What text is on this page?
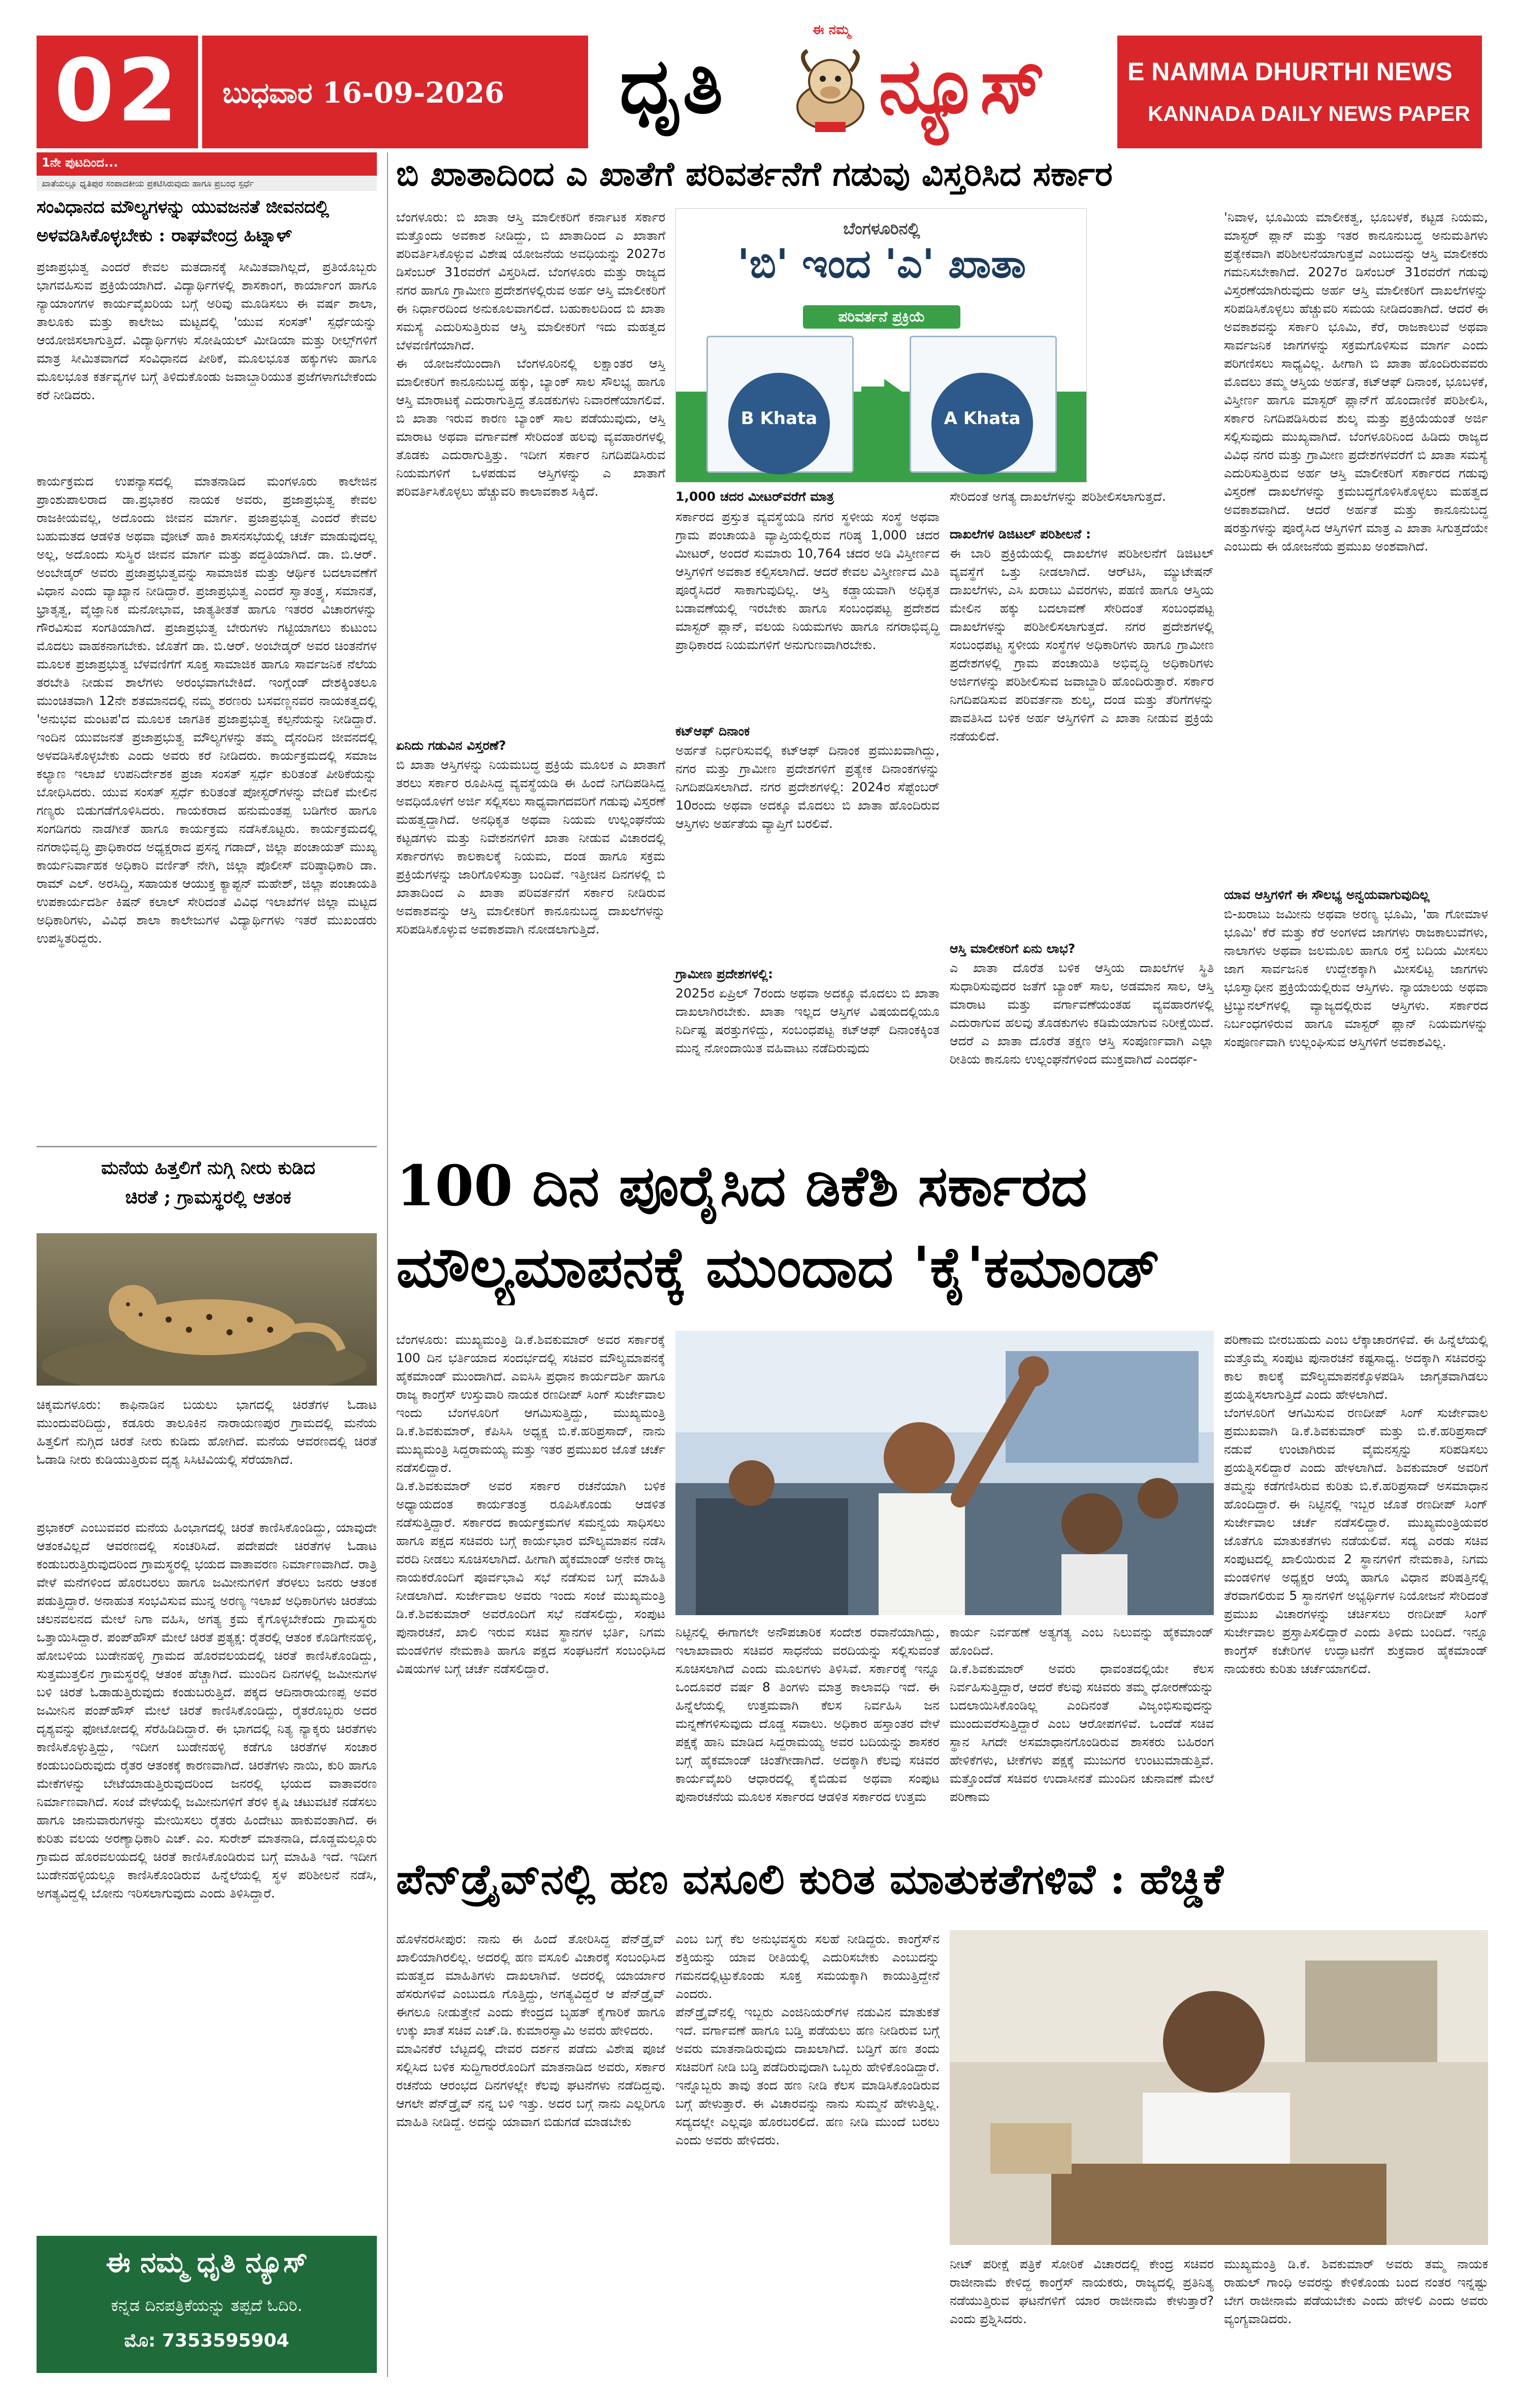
02	ಬುಧವಾರ 16-09-2026
ಈ ನಮ್ಮ
ಧೃತಿ ನ್ಯೂಸ್	E NAMMA DHURTHI NEWS
KANNADA DAILY NEWS PAPER
1ನೇ ಪುಟದಿಂದ...
ಖಾತೆಯಲ್ಲೂ ಧೃತಿಪುರ ಸಂಪಾದಕೀಯ ಪ್ರಕಟಿಸಿರುವುದು ಹಾಗೂ ಪ್ರಬಂಧ ಸ್ಪರ್ಧೆ
ಸಂವಿಧಾನದ ಮೌಲ್ಯಗಳನ್ನು ಯುವಜನತೆ ಜೀವನದಲ್ಲಿ
ಅಳವಡಿಸಿಕೊಳ್ಳಬೇಕು : ರಾಘವೇಂದ್ರ ಹಿಟ್ನಾಳ್
ಪ್ರಜಾಪ್ರಭುತ್ವ ಎಂದರೆ ಕೇವಲ ಮತದಾನಕ್ಕೆ ಸೀಮಿತವಾಗಿಲ್ಲದೆ, ಪ್ರತಿಯೊಬ್ಬರು ಭಾಗವಹಿಸುವ ಪ್ರಕ್ರಿಯೆಯಾಗಿದೆ. ವಿದ್ಯಾರ್ಥಿಗಳಲ್ಲಿ ಶಾಸಕಾಂಗ, ಕಾರ್ಯಾಂಗ ಹಾಗೂ ನ್ಯಾಯಾಂಗಗಳ ಕಾರ್ಯವೈಖರಿಯ ಬಗ್ಗೆ ಅರಿವು ಮೂಡಿಸಲು ಈ ವರ್ಷ ಶಾಲಾ, ತಾಲೂಕು ಮತ್ತು ಕಾಲೇಜು ಮಟ್ಟದಲ್ಲಿ 'ಯುವ ಸಂಸತ್' ಸ್ಪರ್ಧೆಯನ್ನು ಆಯೋಜಿಸಲಾಗುತ್ತಿದೆ. ವಿದ್ಯಾರ್ಥಿಗಳು ಸೋಷಿಯಲ್ ಮೀಡಿಯಾ ಮತ್ತು ರೀಲ್ಸ್‌ಗಳಿಗೆ ಮಾತ್ರ ಸೀಮಿತವಾಗದೆ ಸಂವಿಧಾನದ ಪೀಠಿಕೆ, ಮೂಲಭೂತ ಹಕ್ಕುಗಳು ಹಾಗೂ ಮೂಲಭೂತ ಕರ್ತವ್ಯಗಳ ಬಗ್ಗೆ ತಿಳಿದುಕೊಂಡು ಜವಾಬ್ದಾರಿಯುತ ಪ್ರಜೆಗಳಾಗಬೇಕೆಂದು ಕರೆ ನೀಡಿದರು.
ಕಾರ್ಯಕ್ರಮದ ಉಪನ್ಯಾಸದಲ್ಲಿ ಮಾತನಾಡಿದ ಮಂಗಳೂರು ಕಾಲೇಜಿನ ಪ್ರಾಂಶುಪಾಲರಾದ ಡಾ.ಪ್ರಭಾಕರ ನಾಯಕ ಅವರು, ಪ್ರಜಾಪ್ರಭುತ್ವ ಕೇವಲ ರಾಜಕೀಯವಲ್ಲ, ಅದೊಂದು ಜೀವನ ಮಾರ್ಗ. ಪ್ರಜಾಪ್ರಭುತ್ವ ಎಂದರೆ ಕೇವಲ ಬಹುಮತದ ಆಡಳಿತ ಅಥವಾ ವೋಟ್ ಹಾಕಿ ಶಾಸನಸಭೆಯಲ್ಲಿ ಚರ್ಚೆ ಮಾಡುವುದಲ್ಲ ಅಲ್ಲ, ಅದೊಂದು ಸುಸ್ಥಿರ ಜೀವನ ಮಾರ್ಗ ಮತ್ತು ಪದ್ಧತಿಯಾಗಿದೆ. ಡಾ. ಬಿ.ಆರ್. ಅಂಬೇಡ್ಕರ್ ಅವರು ಪ್ರಜಾಪ್ರಭುತ್ವವನ್ನು ಸಾಮಾಜಿಕ ಮತ್ತು ಆರ್ಥಿಕ ಬದಲಾವಣೆಗೆ ವಿಧಾನ ಎಂದು ವ್ಯಾಖ್ಯಾನ ನೀಡಿದ್ದಾರೆ. ಪ್ರಜಾಪ್ರಭುತ್ವ ಎಂದರೆ ಸ್ವಾತಂತ್ರ್ಯ, ಸಮಾನತೆ, ಭ್ರಾತೃತ್ವ, ವೈಜ್ಞಾನಿಕ ಮನೋಭಾವ, ಜಾತ್ಯತೀತತೆ ಹಾಗೂ ಇತರರ ವಿಚಾರಗಳನ್ನು ಗೌರವಿಸುವ ಸಂಗತಿಯಾಗಿದೆ. ಪ್ರಜಾಪ್ರಭುತ್ವ ಬೇರುಗಳು ಗಟ್ಟಿಯಾಗಲು ಕುಟುಂಬ ಮೊದಲು ವಾಹಕನಾಗಬೇಕು. ಜೊತೆಗೆ ಡಾ. ಬಿ.ಆರ್. ಅಂಬೇಡ್ಕರ್ ಅವರ ಚಿಂತನೆಗಳ ಮೂಲಕ ಪ್ರಜಾಪ್ರಭುತ್ವ ಬೆಳವಣಿಗೆಗೆ ಸೂಕ್ತ ಸಾಮಾಜಿಕ ಹಾಗೂ ಸಾರ್ವಜನಿಕ ನೆಲೆಯ ತರಬೇತಿ ನೀಡುವ ಶಾಲೆಗಳು ಅರಂಭವಾಗಬೇಕಿದೆ. ಇಂಗ್ಲೆಂಡ್ ದೇಶಕ್ಕಿಂತಲೂ ಮುಂಚಿತವಾಗಿ 12ನೇ ಶತಮಾನದಲ್ಲಿ ನಮ್ಮ ಶರಣರು ಬಸವಣ್ಣನವರ ನಾಯಕತ್ವದಲ್ಲಿ 'ಅನುಭವ ಮಂಟಪ'ದ ಮೂಲಕ ಜಾಗತಿಕ ಪ್ರಜಾಪ್ರಭುತ್ವ ಕಲ್ಪನೆಯನ್ನು ನೀಡಿದ್ದಾರೆ. ಇಂದಿನ ಯುವಜನತೆ ಪ್ರಜಾಪ್ರಭುತ್ವ ಮೌಲ್ಯಗಳನ್ನು ತಮ್ಮ ದೈನಂದಿನ ಜೀವನದಲ್ಲಿ ಅಳವಡಿಸಿಕೊಳ್ಳಬೇಕು ಎಂದು ಅವರು ಕರೆ ನೀಡಿದರು. ಕಾರ್ಯಕ್ರಮದಲ್ಲಿ ಸಮಾಜ ಕಲ್ಯಾಣ ಇಲಾಖೆ ಉಪನಿರ್ದೇಶಕ ಪ್ರಜಾ ಸಂಸತ್ ಸ್ಪರ್ಧೆ ಕುರಿತಂತೆ ಪೀಠಿಕೆಯನ್ನು ಬೋಧಿಸಿದರು. ಯುವ ಸಂಸತ್ ಸ್ಪರ್ಧೆ ಕುರಿತಂತೆ ಪೋಸ್ಟರ್‌ಗಳನ್ನು ವೇದಿಕೆ ಮೇಲಿನ ಗಣ್ಯರು ಬಿಡುಗಡೆಗೊಳಿಸಿದರು. ಗಾಯಕರಾದ ಹನುಮಂತಪ್ಪ ಬಡಿಗೇರ ಹಾಗೂ ಸಂಗಡಿಗರು ನಾಡಗೀತೆ ಹಾಗೂ ಕಾರ್ಯಕ್ರಮ ನಡೆಸಿಕೊಟ್ಟರು. ಕಾರ್ಯಕ್ರಮದಲ್ಲಿ ನಗರಾಭಿವೃದ್ಧಿ ಪ್ರಾಧಿಕಾರದ ಅಧ್ಯಕ್ಷರಾದ ಪ್ರಸನ್ನ ಗಡಾದ್, ಜಿಲ್ಲಾ ಪಂಚಾಯತ್ ಮುಖ್ಯ ಕಾರ್ಯನಿರ್ವಾಹಕ ಅಧಿಕಾರಿ ವರ್ಣಿತ್ ನೇಗಿ, ಜಿಲ್ಲಾ ಪೊಲೀಸ್ ವರಿಷ್ಠಾಧಿಕಾರಿ ಡಾ. ರಾಮ್ ಎಲ್. ಅರಸಿದ್ದಿ, ಸಹಾಯಕ ಆಯುಕ್ತ ಕ್ಯಾಪ್ಟನ್ ಮಹೇಶ್, ಜಿಲ್ಲಾ ಪಂಚಾಯತಿ ಉಪಕಾರ್ಯದರ್ಶಿ ಕಿಷನ್ ಕಲಾಲ್ ಸೇರಿದಂತೆ ವಿವಿಧ ಇಲಾಖೆಗಳ ಜಿಲ್ಲಾ ಮಟ್ಟದ ಅಧಿಕಾರಿಗಳು, ವಿವಿಧ ಶಾಲಾ ಕಾಲೇಜುಗಳ ವಿದ್ಯಾರ್ಥಿಗಳು ಇತರೆ ಮುಖಂಡರು ಉಪಸ್ಥಿತರಿದ್ದರು.
ಮನೆಯ ಹಿತ್ತಲಿಗೆ ನುಗ್ಗಿ ನೀರು ಕುಡಿದ
ಚಿರತೆ ; ಗ್ರಾಮಸ್ಥರಲ್ಲಿ ಆತಂಕ
ಚಿಕ್ಕಮಗಳೂರು: ಕಾಫಿನಾಡಿನ ಬಯಲು ಭಾಗದಲ್ಲಿ ಚಿರತೆಗಳ ಓಡಾಟ ಮುಂದುವರಿದಿದ್ದು, ಕಡೂರು ತಾಲೂಕಿನ ನಾರಾಯಣಪುರ ಗ್ರಾಮದಲ್ಲಿ ಮನೆಯ ಹಿತ್ತಲಿಗೆ ನುಗ್ಗಿದ ಚಿರತೆ ನೀರು ಕುಡಿದು ಹೋಗಿದೆ. ಮನೆಯ ಆವರಣದಲ್ಲಿ ಚಿರತೆ ಓಡಾಡಿ ನೀರು ಕುಡಿಯುತ್ತಿರುವ ದೃಶ್ಯ ಸಿಸಿಟಿವಿಯಲ್ಲಿ ಸೆರೆಯಾಗಿದೆ.
ಪ್ರಭಾಕರ್ ಎಂಬುವವರ ಮನೆಯ ಹಿಂಭಾಗದಲ್ಲಿ ಚಿರತೆ ಕಾಣಿಸಿಕೊಂಡಿದ್ದು, ಯಾವುದೇ ಆತಂಕವಿಲ್ಲದೆ ಆವರಣದಲ್ಲಿ ಸಂಚರಿಸಿದೆ. ಪದೇಪದೇ ಚಿರತೆಗಳ ಓಡಾಟ ಕಂಡುಬರುತ್ತಿರುವುದರಿಂದ ಗ್ರಾಮಸ್ಥರಲ್ಲಿ ಭಯದ ವಾತಾವರಣ ನಿರ್ಮಾಣವಾಗಿದೆ. ರಾತ್ರಿ ವೇಳೆ ಮನೆಗಳಿಂದ ಹೊರಬರಲು ಹಾಗೂ ಜಮೀನುಗಳಿಗೆ ತೆರಳಲು ಜನರು ಆತಂಕ ಪಡುತ್ತಿದ್ದಾರೆ. ಅನಾಹುತ ಸಂಭವಿಸುವ ಮುನ್ನ ಅರಣ್ಯ ಇಲಾಖೆ ಅಧಿಕಾರಿಗಳು ಚಿರತೆಯ ಚಲನವಲನದ ಮೇಲೆ ನಿಗಾ ವಹಿಸಿ, ಅಗತ್ಯ ಕ್ರಮ ಕೈಗೊಳ್ಳಬೇಕೆಂದು ಗ್ರಾಮಸ್ಥರು ಒತ್ತಾಯಿಸಿದ್ದಾರೆ. ಪಂಪ್‌ಹೌಸ್ ಮೇಲೆ ಚಿರತೆ ಪ್ರತ್ಯಕ್ಷ: ರೈತರಲ್ಲಿ ಆತಂಕ ಕೊಡಿಗೇನಹಳ್ಳಿ, ಹೋಬಳಿಯ ಬುಡೇನಹಳ್ಳಿ ಗ್ರಾಮದ ಹೊರವಲಯದಲ್ಲಿ ಚಿರತೆ ಕಾಣಿಸಿಕೊಂಡಿದ್ದು, ಸುತ್ತಮುತ್ತಲಿನ ಗ್ರಾಮಸ್ಥರಲ್ಲಿ ಆತಂಕ ಹೆಚ್ಚಾಗಿದೆ. ಮುಂದಿನ ದಿನಗಳಲ್ಲಿ ಜಮೀನುಗಳ ಬಳಿ ಚಿರತೆ ಓಡಾಡುತ್ತಿರುವುದು ಕಂಡುಬರುತ್ತಿದೆ. ಪಕ್ಕದ ಆದಿನಾರಾಯಣಪ್ಪ ಅವರ ಜಮೀನಿನ ಪಂಪ್‌ಹೌಸ್ ಮೇಲೆ ಚಿರತೆ ಕಾಣಿಸಿಕೊಂಡಿದ್ದು, ರೈತರೊಬ್ಬರು ಅದರ ದೃಶ್ಯವನ್ನು ಫೋಟೋದಲ್ಲಿ ಸೆರೆಹಿಡಿದಿದ್ದಾರೆ. ಈ ಭಾಗದಲ್ಲಿ ನಿತ್ಯ ನ್ಯಾಕ್ಕರು ಚಿರತೆಗಳು ಕಾಣಿಸಿಕೊಳ್ಳುತ್ತಿದ್ದು, ಇದೀಗ ಬುಡೇನಹಳ್ಳಿ ಕಡೆಗೂ ಚಿರತೆಗಳ ಸಂಚಾರ ಕಂಡುಬಂದಿರುವುದು ರೈತರ ಆತಂಕಕ್ಕೆ ಕಾರಣವಾಗಿದೆ. ಚಿರತೆಗಳು ನಾಯಿ, ಕುರಿ ಹಾಗೂ ಮೇಕೆಗಳನ್ನು ಬೇಟೆಯಾಡುತ್ತಿರುವುದರಿಂದ ಜನರಲ್ಲಿ ಭಯದ ವಾತಾವರಣ ನಿರ್ಮಾಣವಾಗಿದೆ. ಸಂಜೆ ವೇಳೆಯಲ್ಲಿ ಜಮೀನುಗಳಿಗೆ ತೆರಳಿ ಕೃಷಿ ಚಟುವಟಿಕೆ ನಡೆಸಲು ಹಾಗೂ ಜಾನುವಾರುಗಳನ್ನು ಮೇಯಿಸಲು ರೈತರು ಹಿಂದೇಟು ಹಾಕುವಂತಾಗಿದೆ. ಈ ಕುರಿತು ವಲಯ ಅರಣ್ಯಾಧಿಕಾರಿ ಎಚ್. ಎಂ. ಸುರೇಶ್ ಮಾತನಾಡಿ, ದೊಡ್ಡಮಲ್ಲೂರು ಗ್ರಾಮದ ಹೊರವಲಯದಲ್ಲಿ ಚಿರತೆ ಕಾಣಿಸಿಕೊಂಡಿರುವ ಬಗ್ಗೆ ಮಾಹಿತಿ ಇದೆ. ಇದೀಗ ಬುಡೇನಹಳ್ಳಿಯಲ್ಲೂ ಕಾಣಿಸಿಕೊಂಡಿರುವ ಹಿನ್ನೆಲೆಯಲ್ಲಿ ಸ್ಥಳ ಪರಿಶೀಲನೆ ನಡೆಸಿ, ಅಗತ್ಯವಿದ್ದಲ್ಲಿ ಬೋನು ಇರಿಸಲಾಗುವುದು ಎಂದು ತಿಳಿಸಿದ್ದಾರೆ.
ಈ ನಮ್ಮ ಧೃತಿ ನ್ಯೂಸ್
ಕನ್ನಡ ದಿನಪತ್ರಿಕೆಯನ್ನು ತಪ್ಪದೆ ಓದಿರಿ.
ಮೊ: 7353595904
ಬಿ ಖಾತಾದಿಂದ ಎ ಖಾತೆಗೆ ಪರಿವರ್ತನೆಗೆ ಗಡುವು ವಿಸ್ತರಿಸಿದ ಸರ್ಕಾರ
ಬೆಂಗಳೂರಿನಲ್ಲಿ
'ಬಿ' ಇಂದ 'ಎ' ಖಾತಾ
ಪರಿವರ್ತನೆ ಪ್ರಕ್ರಿಯೆ
B Khata	A Khata
ಬೆಂಗಳೂರು: ಬಿ ಖಾತಾ ಆಸ್ತಿ ಮಾಲೀಕರಿಗೆ ಕರ್ನಾಟಕ ಸರ್ಕಾರ ಮತ್ತೊಂದು ಅವಕಾಶ ನೀಡಿದ್ದು, ಬಿ ಖಾತಾದಿಂದ ಎ ಖಾತಾಗೆ ಪರಿವರ್ತಿಸಿಕೊಳ್ಳುವ ವಿಶೇಷ ಯೋಜನೆಯ ಅವಧಿಯನ್ನು 2027ರ ಡಿಸೆಂಬರ್ 31ರವರೆಗೆ ವಿಸ್ತರಿಸಿದೆ. ಬೆಂಗಳೂರು ಮತ್ತು ರಾಜ್ಯದ ನಗರ ಹಾಗೂ ಗ್ರಾಮೀಣ ಪ್ರದೇಶಗಳಲ್ಲಿರುವ ಅರ್ಹ ಆಸ್ತಿ ಮಾಲೀಕರಿಗೆ ಈ ನಿರ್ಧಾರದಿಂದ ಅನುಕೂಲವಾಗಲಿದೆ. ಬಹುಕಾಲದಿಂದ ಬಿ ಖಾತಾ ಸಮಸ್ಯೆ ಎದುರಿಸುತ್ತಿರುವ ಆಸ್ತಿ ಮಾಲೀಕರಿಗೆ ಇದು ಮಹತ್ವದ ಬೆಳವಣಿಗೆಯಾಗಿದೆ.
ಈ ಯೋಜನೆಯಿಂದಾಗಿ ಬೆಂಗಳೂರಿನಲ್ಲಿ ಲಕ್ಷಾಂತರ ಆಸ್ತಿ ಮಾಲೀಕರಿಗೆ ಕಾನೂನುಬದ್ಧ ಹಕ್ಕು, ಬ್ಯಾಂಕ್ ಸಾಲ ಸೌಲಭ್ಯ ಹಾಗೂ ಆಸ್ತಿ ಮಾರಾಟಕ್ಕೆ ಎದುರಾಗುತ್ತಿದ್ದ ತೊಡಕುಗಳು ನಿವಾರಣೆಯಾಗಲಿವೆ. ಬಿ ಖಾತಾ ಇರುವ ಕಾರಣ ಬ್ಯಾಂಕ್ ಸಾಲ ಪಡೆಯುವುದು, ಆಸ್ತಿ ಮಾರಾಟ ಅಥವಾ ವರ್ಗಾವಣೆ ಸೇರಿದಂತೆ ಹಲವು ವ್ಯವಹಾರಗಳಲ್ಲಿ ತೊಡಕು ಎದುರಾಗುತ್ತಿತ್ತು. ಇದೀಗ ಸರ್ಕಾರ ನಿಗದಿಪಡಿಸಿರುವ ನಿಯಮಗಳಿಗೆ ಒಳಪಡುವ ಆಸ್ತಿಗಳನ್ನು ಎ ಖಾತಾಗೆ ಪರಿವರ್ತಿಸಿಕೊಳ್ಳಲು ಹೆಚ್ಚುವರಿ ಕಾಲಾವಕಾಶ ಸಿಕ್ಕಿದೆ.
ಏನಿದು ಗಡುವಿನ ವಿಸ್ತರಣೆ?
ಬಿ ಖಾತಾ ಆಸ್ತಿಗಳನ್ನು ನಿಯಮಬದ್ಧ ಪ್ರಕ್ರಿಯೆ ಮೂಲಕ ಎ ಖಾತಾಗೆ ತರಲು ಸರ್ಕಾರ ರೂಪಿಸಿದ್ದ ವ್ಯವಸ್ಥೆಯಡಿ ಈ ಹಿಂದೆ ನಿಗದಿಪಡಿಸಿದ್ದ ಅವಧಿಯೊಳಗೆ ಅರ್ಜಿ ಸಲ್ಲಿಸಲು ಸಾಧ್ಯವಾಗದವರಿಗೆ ಗಡುವು ವಿಸ್ತರಣೆ ಮಹತ್ವದ್ದಾಗಿದೆ. ಅನಧಿಕೃತ ಅಥವಾ ನಿಯಮ ಉಲ್ಲಂಘನೆಯ ಕಟ್ಟಡಗಳು ಮತ್ತು ನಿವೇಶನಗಳಿಗೆ ಖಾತಾ ನೀಡುವ ವಿಚಾರದಲ್ಲಿ ಸರ್ಕಾರಗಳು ಕಾಲಕಾಲಕ್ಕೆ ನಿಯಮ, ದಂಡ ಹಾಗೂ ಸಕ್ರಮ ಪ್ರಕ್ರಿಯೆಗಳನ್ನು ಜಾರಿಗೊಳಿಸುತ್ತಾ ಬಂದಿವೆ. ಇತ್ತೀಚಿನ ದಿನಗಳಲ್ಲಿ ಬಿ ಖಾತಾದಿಂದ ಎ ಖಾತಾ ಪರಿವರ್ತನೆಗೆ ಸರ್ಕಾರ ನೀಡಿರುವ ಅವಕಾಶವನ್ನು ಆಸ್ತಿ ಮಾಲೀಕರಿಗೆ ಕಾನೂನುಬದ್ಧ ದಾಖಲೆಗಳನ್ನು ಸರಿಪಡಿಸಿಕೊಳ್ಳುವ ಅವಕಾಶವಾಗಿ ನೋಡಲಾಗುತ್ತಿದೆ.
1,000 ಚದರ ಮೀಟರ್‌ವರೆಗೆ ಮಾತ್ರ
ಸರ್ಕಾರದ ಪ್ರಸ್ತುತ ವ್ಯವಸ್ಥೆಯಡಿ ನಗರ ಸ್ಥಳೀಯ ಸಂಸ್ಥೆ ಅಥವಾ ಗ್ರಾಮ ಪಂಚಾಯತಿ ವ್ಯಾಪ್ತಿಯಲ್ಲಿರುವ ಗರಿಷ್ಠ 1,000 ಚದರ ಮೀಟರ್, ಅಂದರೆ ಸುಮಾರು 10,764 ಚದರ ಅಡಿ ವಿಸ್ತೀರ್ಣದ ಆಸ್ತಿಗಳಿಗೆ ಅವಕಾಶ ಕಲ್ಪಿಸಲಾಗಿದೆ. ಆದರೆ ಕೇವಲ ವಿಸ್ತೀರ್ಣದ ಮಿತಿ ಪೂರೈಸಿದರೆ ಸಾಕಾಗುವುದಿಲ್ಲ. ಆಸ್ತಿ ಕಡ್ಡಾಯವಾಗಿ ಅಧಿಕೃತ ಬಡಾವಣೆಯಲ್ಲಿ ಇರಬೇಕು ಹಾಗೂ ಸಂಬಂಧಪಟ್ಟ ಪ್ರದೇಶದ ಮಾಸ್ಟರ್ ಪ್ಲಾನ್, ವಲಯ ನಿಯಮಗಳು ಹಾಗೂ ನಗರಾಭಿವೃದ್ಧಿ ಪ್ರಾಧಿಕಾರದ ನಿಯಮಗಳಿಗೆ ಅನುಗುಣವಾಗಿರಬೇಕು.
ಕಟ್‌ಆಫ್ ದಿನಾಂಕ
ಅರ್ಹತೆ ನಿರ್ಧರಿಸುವಲ್ಲಿ ಕಟ್‌ಆಫ್ ದಿನಾಂಕ ಪ್ರಮುಖವಾಗಿದ್ದು, ನಗರ ಮತ್ತು ಗ್ರಾಮೀಣ ಪ್ರದೇಶಗಳಿಗೆ ಪ್ರತ್ಯೇಕ ದಿನಾಂಕಗಳನ್ನು ನಿಗದಿಪಡಿಸಲಾಗಿದೆ. ನಗರ ಪ್ರದೇಶಗಳಲ್ಲಿ: 2024ರ ಸೆಪ್ಟೆಂಬರ್ 10ರಂದು ಅಥವಾ ಅದಕ್ಕೂ ಮೊದಲು ಬಿ ಖಾತಾ ಹೊಂದಿರುವ ಆಸ್ತಿಗಳು ಅರ್ಹತೆಯ ವ್ಯಾಪ್ತಿಗೆ ಬರಲಿವೆ.
ಗ್ರಾಮೀಣ ಪ್ರದೇಶಗಳಲ್ಲಿ:
2025ರ ಏಪ್ರಿಲ್ 7ರಂದು ಅಥವಾ ಅದಕ್ಕೂ ಮೊದಲು ಬಿ ಖಾತಾ ದಾಖಲಾಗಿರಬೇಕು. ಖಾತಾ ಇಲ್ಲದ ಆಸ್ತಿಗಳ ವಿಷಯದಲ್ಲಿಯೂ ನಿರ್ದಿಷ್ಟ ಷರತ್ತುಗಳಿದ್ದು, ಸಂಬಂಧಪಟ್ಟ ಕಟ್‌ಆಫ್ ದಿನಾಂಕಕ್ಕಿಂತ ಮುನ್ನ ನೋಂದಾಯಿತ ವಹಿವಾಟು ನಡೆದಿರುವುದು
ಸೇರಿದಂತೆ ಅಗತ್ಯ ದಾಖಲೆಗಳನ್ನು ಪರಿಶೀಲಿಸಲಾಗುತ್ತದೆ.
ದಾಖಲೆಗಳ ಡಿಜಿಟಲ್ ಪರಿಶೀಲನೆ :
ಈ ಬಾರಿ ಪ್ರಕ್ರಿಯೆಯಲ್ಲಿ ದಾಖಲೆಗಳ ಪರಿಶೀಲನೆಗೆ ಡಿಜಿಟಲ್ ವ್ಯವಸ್ಥೆಗೆ ಒತ್ತು ನೀಡಲಾಗಿದೆ. ಆರ್‌ಟಿಸಿ, ಮ್ಯುಟೇಷನ್ ದಾಖಲೆಗಳು, ಎಸಿ ಖರಾಬು ವಿವರಗಳು, ಪಹಣಿ ಹಾಗೂ ಆಸ್ತಿಯ ಮೇಲಿನ ಹಕ್ಕು ಬದಲಾವಣೆ ಸೇರಿದಂತೆ ಸಂಬಂಧಪಟ್ಟ ದಾಖಲೆಗಳನ್ನು ಪರಿಶೀಲಿಸಲಾಗುತ್ತದೆ. ನಗರ ಪ್ರದೇಶಗಳಲ್ಲಿ ಸಂಬಂಧಪಟ್ಟ ಸ್ಥಳೀಯ ಸಂಸ್ಥೆಗಳ ಅಧಿಕಾರಿಗಳು ಹಾಗೂ ಗ್ರಾಮೀಣ ಪ್ರದೇಶಗಳಲ್ಲಿ ಗ್ರಾಮ ಪಂಚಾಯಿತಿ ಅಭಿವೃದ್ಧಿ ಅಧಿಕಾರಿಗಳು ಅರ್ಜಿಗಳನ್ನು ಪರಿಶೀಲಿಸುವ ಜವಾಬ್ದಾರಿ ಹೊಂದಿರುತ್ತಾರೆ. ಸರ್ಕಾರ ನಿಗದಿಪಡಿಸುವ ಪರಿವರ್ತನಾ ಶುಲ್ಕ, ದಂಡ ಮತ್ತು ತೆರಿಗೆಗಳನ್ನು ಪಾವತಿಸಿದ ಬಳಿಕ ಅರ್ಹ ಆಸ್ತಿಗಳಿಗೆ ಎ ಖಾತಾ ನೀಡುವ ಪ್ರಕ್ರಿಯೆ ನಡೆಯಲಿದೆ.
ಆಸ್ತಿ ಮಾಲೀಕರಿಗೆ ಏನು ಲಾಭ?
ಎ ಖಾತಾ ದೊರೆತ ಬಳಿಕ ಆಸ್ತಿಯ ದಾಖಲೆಗಳ ಸ್ಥಿತಿ ಸುಧಾರಿಸುವುದರ ಜತೆಗೆ ಬ್ಯಾಂಕ್ ಸಾಲ, ಅಡಮಾನ ಸಾಲ, ಆಸ್ತಿ ಮಾರಾಟ ಮತ್ತು ವರ್ಗಾವಣೆಯಂತಹ ವ್ಯವಹಾರಗಳಲ್ಲಿ ಎದುರಾಗುವ ಹಲವು ತೊಡಕುಗಳು ಕಡಿಮೆಯಾಗುವ ನಿರೀಕ್ಷೆಯಿದೆ. ಆದರೆ ಎ ಖಾತಾ ದೊರೆತ ತಕ್ಷಣ ಆಸ್ತಿ ಸಂಪೂರ್ಣವಾಗಿ ಎಲ್ಲಾ ರೀತಿಯ ಕಾನೂನು ಉಲ್ಲಂಘನೆಗಳಿಂದ ಮುಕ್ತವಾಗಿದೆ ಎಂದರ್ಥ-
'ನಿವಾಳ, ಭೂಮಿಯ ಮಾಲೀಕತ್ವ, ಭೂಬಳಕೆ, ಕಟ್ಟಡ ನಿಯಮ, ಮಾಸ್ಟರ್ ಪ್ಲಾನ್ ಮತ್ತು ಇತರ ಕಾನೂನುಬದ್ಧ ಅನುಮತಿಗಳು ಪ್ರತ್ಯೇಕವಾಗಿ ಪರಿಶೀಲನೆಯಾಗುತ್ತವೆ ಎಂಬುದನ್ನು ಆಸ್ತಿ ಮಾಲೀಕರು ಗಮನಿಸಬೇಕಾಗಿದೆ. 2027ರ ಡಿಸೆಂಬರ್ 31ರವರೆಗೆ ಗಡುವು ವಿಸ್ತರಣೆಯಾಗಿರುವುದು ಅರ್ಹ ಆಸ್ತಿ ಮಾಲೀಕರಿಗೆ ದಾಖಲೆಗಳನ್ನು ಸರಿಪಡಿಸಿಕೊಳ್ಳಲು ಹೆಚ್ಚುವರಿ ಸಮಯ ನೀಡಿದಂತಾಗಿದೆ. ಆದರೆ ಈ ಅವಕಾಶವನ್ನು ಸರ್ಕಾರಿ ಭೂಮಿ, ಕೆರೆ, ರಾಜಕಾಲುವೆ ಅಥವಾ ಸಾರ್ವಜನಿಕ ಜಾಗಗಳನ್ನು ಸಕ್ರಮಗೊಳಿಸುವ ಮಾರ್ಗ ಎಂದು ಪರಿಗಣಿಸಲು ಸಾಧ್ಯವಿಲ್ಲ. ಹೀಗಾಗಿ ಬಿ ಖಾತಾ ಹೊಂದಿರುವವರು ಮೊದಲು ತಮ್ಮ ಆಸ್ತಿಯ ಅರ್ಹತೆ, ಕಟ್‌ಆಫ್ ದಿನಾಂಕ, ಭೂಬಳಕೆ, ವಿಸ್ತೀರ್ಣ ಹಾಗೂ ಮಾಸ್ಟರ್ ಪ್ಲಾನ್‌ಗೆ ಹೊಂದಾಣಿಕೆ ಪರಿಶೀಲಿಸಿ, ಸರ್ಕಾರ ನಿಗದಿಪಡಿಸಿರುವ ಶುಲ್ಕ ಮತ್ತು ಪ್ರಕ್ರಿಯೆಯಂತೆ ಅರ್ಜಿ ಸಲ್ಲಿಸುವುದು ಮುಖ್ಯವಾಗಿದೆ. ಬೆಂಗಳೂರಿನಿಂದ ಹಿಡಿದು ರಾಜ್ಯದ ವಿವಿಧ ನಗರ ಮತ್ತು ಗ್ರಾಮೀಣ ಪ್ರದೇಶಗಳವರೆಗೆ ಬಿ ಖಾತಾ ಸಮಸ್ಯೆ ಎದುರಿಸುತ್ತಿರುವ ಅರ್ಹ ಆಸ್ತಿ ಮಾಲೀಕರಿಗೆ ಸರ್ಕಾರದ ಗಡುವು ವಿಸ್ತರಣೆ ದಾಖಲೆಗಳನ್ನು ಕ್ರಮಬದ್ಧಗೊಳಿಸಿಕೊಳ್ಳಲು ಮಹತ್ವದ ಅವಕಾಶವಾಗಿದೆ. ಆದರೆ ಅರ್ಹತೆ ಮತ್ತು ಕಾನೂನುಬದ್ಧ ಷರತ್ತುಗಳನ್ನು ಪೂರೈಸಿದ ಆಸ್ತಿಗಳಿಗೆ ಮಾತ್ರ ಎ ಖಾತಾ ಸಿಗುತ್ತದೆಯೇ ಎಂಬುದು ಈ ಯೋಜನೆಯ ಪ್ರಮುಖ ಅಂಶವಾಗಿದೆ.
ಯಾವ ಆಸ್ತಿಗಳಿಗೆ ಈ ಸೌಲಭ್ಯ ಅನ್ವಯವಾಗುವುದಿಲ್ಲ
ಬಿ-ಖರಾಬು ಜಮೀನು ಅಥವಾ ಅರಣ್ಯ ಭೂಮಿ, 'ಹಾ ಗೋಮಾಳ ಭೂಮಿ' ಕೆರೆ ಮತ್ತು ಕೆರೆ ಅಂಗಳದ ಜಾಗಗಳು ರಾಜಕಾಲುವೆಗಳು, ನಾಲಾಗಳು ಅಥವಾ ಜಲಮೂಲ ಹಾಗೂ ರಸ್ತೆ ಬದಿಯ ಮೀಸಲು ಜಾಗ ಸಾರ್ವಜನಿಕ ಉದ್ದೇಶಕ್ಕಾಗಿ ಮೀಸಲಿಟ್ಟ ಜಾಗಗಳು ಭೂಸ್ವಾಧೀನ ಪ್ರಕ್ರಿಯೆಯಲ್ಲಿರುವ ಆಸ್ತಿಗಳು. ನ್ಯಾಯಾಲಯ ಅಥವಾ ಟ್ರಿಬ್ಯುನಲ್‌ಗಳಲ್ಲಿ ವ್ಯಾಜ್ಯದಲ್ಲಿರುವ ಆಸ್ತಿಗಳು. ಸರ್ಕಾರದ ನಿರ್ಬಂಧಗಳಿರುವ ಹಾಗೂ ಮಾಸ್ಟರ್ ಪ್ಲಾನ್ ನಿಯಮಗಳನ್ನು ಸಂಪೂರ್ಣವಾಗಿ ಉಲ್ಲಂಘಿಸುವ ಆಸ್ತಿಗಳಿಗೆ ಅವಕಾಶವಿಲ್ಲ.
100 ದಿನ ಪೂರೈಸಿದ ಡಿಕೆಶಿ ಸರ್ಕಾರದ
ಮೌಲ್ಯಮಾಪನಕ್ಕೆ ಮುಂದಾದ 'ಕೈ'ಕಮಾಂಡ್
ಬೆಂಗಳೂರು: ಮುಖ್ಯಮಂತ್ರಿ ಡಿ.ಕೆ.ಶಿವಕುಮಾರ್ ಅವರ ಸರ್ಕಾರಕ್ಕೆ 100 ದಿನ ಭರ್ತಿಯಾದ ಸಂದರ್ಭದಲ್ಲಿ ಸಚಿವರ ಮೌಲ್ಯಮಾಪನಕ್ಕೆ ಹೈಕಮಾಂಡ್ ಮುಂದಾಗಿದೆ. ಎಐಸಿಸಿ ಪ್ರಧಾನ ಕಾರ್ಯದರ್ಶಿ ಹಾಗೂ ರಾಜ್ಯ ಕಾಂಗ್ರೆಸ್ ಉಸ್ತುವಾರಿ ನಾಯಕ ರಣದೀಪ್ ಸಿಂಗ್ ಸುರ್ಜೇವಾಲ ಇಂದು ಬೆಂಗಳೂರಿಗೆ ಆಗಮಿಸುತ್ತಿದ್ದು, ಮುಖ್ಯಮಂತ್ರಿ ಡಿ.ಕೆ.ಶಿವಕುಮಾರ್, ಕೆಪಿಸಿಸಿ ಅಧ್ಯಕ್ಷ ಬಿ.ಕೆ.ಹರಿಪ್ರಸಾದ್, ನಾನು ಮುಖ್ಯಮಂತ್ರಿ ಸಿದ್ದರಾಮಯ್ಯ ಮತ್ತು ಇತರ ಪ್ರಮುಖರ ಜೊತೆ ಚರ್ಚೆ ನಡೆಸಲಿದ್ದಾರೆ.
ಡಿ.ಕೆ.ಶಿವಕುಮಾರ್ ಅವರ ಸರ್ಕಾರ ರಚನೆಯಾಗಿ ಬಳಿಕ ಅಧ್ಯಾಯದಂತ ಕಾರ್ಯತಂತ್ರ ರೂಪಿಸಿಕೊಂಡು ಆಡಳಿತ ನಡೆಸುತ್ತಿದ್ದಾರೆ. ಸರ್ಕಾರದ ಕಾರ್ಯಕ್ರಮಗಳ ಸಮನ್ವಯ ಸಾಧಿಸಲು ಹಾಗೂ ಪಕ್ಷದ ಸಚಿವರು ಬಗ್ಗೆ ಕಾರ್ಯಭಾರ ಮೌಲ್ಯಮಾಪನ ನಡೆಸಿ ವರದಿ ನೀಡಲು ಸೂಚಿಸಲಾಗಿದೆ. ಹೀಗಾಗಿ ಹೈಕಮಾಂಡ್ ಅನೇಕ ರಾಜ್ಯ ನಾಯಕರೊಂದಿಗೆ ಪೂರ್ವಭಾವಿ ಸಭೆ ನಡೆಸುವ ಬಗ್ಗೆ ಮಾಹಿತಿ ನೀಡಲಾಗಿದೆ. ಸುರ್ಜೇವಾಲ ಅವರು ಇಂದು ಸಂಜೆ ಮುಖ್ಯಮಂತ್ರಿ ಡಿ.ಕೆ.ಶಿವಕುಮಾರ್ ಅವರೊಂದಿಗೆ ಸಭೆ ನಡೆಸಲಿದ್ದು, ಸಂಪುಟ ಪುನಾರಚನೆ, ಖಾಲಿ ಇರುವ ಸಚಿವ ಸ್ಥಾನಗಳ ಭರ್ತಿ, ನಿಗಮ ಮಂಡಳಿಗಳ ನೇಮಕಾತಿ ಹಾಗೂ ಪಕ್ಷದ ಸಂಘಟನೆಗೆ ಸಂಬಂಧಿಸಿದ ವಿಷಯಗಳ ಬಗ್ಗೆ ಚರ್ಚೆ ನಡೆಸಲಿದ್ದಾರೆ.
ನಿಟ್ಟಿನಲ್ಲಿ ಈಗಾಗಲೇ ಅನೌಪಚಾರಿಕ ಸಂದೇಶ ರವಾನೆಯಾಗಿದ್ದು, ಇಲಾಖಾವಾರು ಸಚಿವರ ಸಾಧನೆಯ ವರದಿಯನ್ನು ಸಲ್ಲಿಸುವಂತೆ ಸೂಚಿಸಲಾಗಿದೆ ಎಂದು ಮೂಲಗಳು ತಿಳಿಸಿವೆ. ಸರ್ಕಾರಕ್ಕೆ ಇನ್ನೂ ಒಂದೂವರೆ ವರ್ಷ 8 ತಿಂಗಳು ಮಾತ್ರ ಕಾಲಾವಧಿ ಇದೆ. ಈ ಹಿನ್ನೆಲೆಯಲ್ಲಿ ಉತ್ತಮವಾಗಿ ಕೆಲಸ ನಿರ್ವಹಿಸಿ ಜನ ಮನ್ನಣೆಗಳಿಸುವುದು ದೊಡ್ಡ ಸವಾಲು. ಅಧಿಕಾರ ಹಸ್ತಾಂತರ ವೇಳೆ ಪಕ್ಷಕ್ಕೆ ಹಾನಿ ಮಾಡಿದ ಸಿದ್ದರಾಮಯ್ಯ ಅವರ ಬದಿಯನ್ನು ಶಾಸಕರ ಬಗ್ಗೆ ಹೈಕಮಾಂಡ್ ಚಿಂತೆಗೀಡಾಗಿದೆ. ಅದಕ್ಕಾಗಿ ಕೆಲವು ಸಚಿವರ ಕಾರ್ಯವೈಖರಿ ಆಧಾರದಲ್ಲಿ ಕೈಬಿಡುವ ಅಥವಾ ಸಂಪುಟ ಪುನಾರಚನೆಯ ಮೂಲಕ ಸರ್ಕಾರದ ಆಡಳಿತ ಸರ್ಕಾರದ ಉತ್ತಮ
ಕಾರ್ಯ ನಿರ್ವಹಣೆ ಅತ್ಯಗತ್ಯ ಎಂಬ ನಿಲುವನ್ನು ಹೈಕಮಾಂಡ್ ಹೊಂದಿದೆ.
ಡಿ.ಕೆ.ಶಿವಕುಮಾರ್ ಅವರು ಧಾವಂತದಲ್ಲಿಯೇ ಕೆಲಸ ನಿರ್ವಹಿಸುತ್ತಿದ್ದಾರೆ, ಆದರೆ ಕೆಲವು ಸಚಿವರು ತಮ್ಮ ಧೋರಣೆಯನ್ನು ಬದಲಾಯಿಸಿಕೊಂಡಿಲ್ಲ ಎಂದಿನಂತೆ ವಿಜೃಂಭಿಸುವುದನ್ನು ಮುಂದುವರೆಸುತ್ತಿದ್ದಾರೆ ಎಂಬ ಆರೋಪಗಳಿವೆ. ಒಂದೆಡೆ ಸಚಿವ ಸ್ಥಾನ ಸಿಗದೇ ಅಸಮಾಧಾನಗೊಂಡಿರುವ ಶಾಸಕರು ಬಹಿರಂಗ ಹೇಳಿಕೆಗಳು, ಟೀಕೆಗಳು ಪಕ್ಷಕ್ಕೆ ಮುಜುಗರ ಉಂಟುಮಾಡುತ್ತಿವೆ. ಮತ್ತೊಂದೆಡೆ ಸಚಿವರ ಉದಾಸೀನತೆ ಮುಂದಿನ ಚುನಾವಣೆ ಮೇಲೆ ಪರಿಣಾಮ
ಪರಿಣಾಮ ಬೀರಬಹುದು ಎಂಬ ಲೆಕ್ಕಾಚಾರಗಳಿವೆ. ಈ ಹಿನ್ನೆಲೆಯಲ್ಲಿ ಮತ್ತೊಮ್ಮೆ ಸಂಪುಟ ಪುನಾರಚನೆ ಕಷ್ಟಸಾಧ್ಯ. ಅದಕ್ಕಾಗಿ ಸಚಿವರನ್ನು ಕಾಲ ಕಾಲಕ್ಕೆ ಮೌಲ್ಯಮಾಪನಕ್ಕೊಳಪಡಿಸಿ ಜಾಗೃತವಾಗಿಡಲು ಪ್ರಯತ್ನಿಸಲಾಗುತ್ತಿದೆ ಎಂದು ಹೇಳಲಾಗಿದೆ.
ಬೆಂಗಳೂರಿಗೆ ಆಗಮಿಸುವ ರಣದೀಪ್ ಸಿಂಗ್ ಸುರ್ಜೇವಾಲ ಪ್ರಮುಖವಾಗಿ ಡಿ.ಕೆ.ಶಿವಕುಮಾರ್ ಮತ್ತು ಬಿ.ಕೆ.ಹರಿಪ್ರಸಾದ್ ನಡುವೆ ಉಂಟಾಗಿರುವ ವೈಮನಸ್ಸನ್ನು ಸರಿಪಡಿಸಲು ಪ್ರಯತ್ನಿಸಲಿದ್ದಾರೆ ಎಂದು ಹೇಳಲಾಗಿದೆ. ಶಿವಕುಮಾರ್‌ ಅವರಿಗೆ ತಮ್ಮನ್ನು ಕಡೆಗಣಿಸಿರುವ ಕುರಿತು ಬಿ.ಕೆ.ಹರಿಪ್ರಸಾದ್ ಅಸಮಾಧಾನ ಹೊಂದಿದ್ದಾರೆ. ಈ ನಿಟ್ಟಿನಲ್ಲಿ ಇಬ್ಬರ ಜೊತೆ ರಣದೀಪ್ ಸಿಂಗ್ ಸುರ್ಜೇವಾಲ ಚರ್ಚೆ ನಡೆಸಲಿದ್ದಾರೆ. ಮುಖ್ಯಮಂತ್ರಿಯವರ ಜೊತೆಗೂ ಮಾತುಕತೆಗಳು ನಡೆಯಲಿವೆ. ಸದ್ಯ ಎರಡು ಸಚಿವ ಸಂಪುಟದಲ್ಲಿ ಖಾಲಿಯಿರುವ 2 ಸ್ಥಾನಗಳಿಗೆ ನೇಮಕಾತಿ, ನಿಗಮ ಮಂಡಳಿಗಳ ಅಧ್ಯಕ್ಷರ ಆಯ್ಕೆ ಹಾಗೂ ವಿಧಾನ ಪರಿಷತ್ತಿನಲ್ಲಿ ತೆರವಾಗಲಿರುವ 5 ಸ್ಥಾನಗಳಿಗೆ ಅಭ್ಯರ್ಥಿಗಳ ನಿಯೋಜನೆ ಸೇರಿದಂತೆ ಪ್ರಮುಖ ವಿಚಾರಗಳನ್ನು ಚರ್ಚಿಸಲು ರಣದೀಪ್ ಸಿಂಗ್ ಸುರ್ಜೇವಾಲ ಪ್ರಸ್ತಾಪಿಸಲಿದ್ದಾರೆ ಎಂದು ತಿಳಿದು ಬಂದಿದೆ. ಇನ್ನೂ ಕಾಂಗ್ರೆಸ್ ಕಚೇರಿಗಳ ಉದ್ಘಾಟನೆಗೆ ಶುಕ್ರವಾರ ಹೈಕಮಾಂಡ್ ನಾಯಕರು ಕುರಿತು ಚರ್ಚೆಯಾಗಲಿದೆ.
ಪೆನ್‌ಡ್ರೈವ್‌ನಲ್ಲಿ ಹಣ ವಸೂಲಿ ಕುರಿತ ಮಾತುಕತೆಗಳಿವೆ : ಹೆಚ್ಡಿಕೆ
ಹೊಳೆನರಸೀಪುರ: ನಾನು ಈ ಹಿಂದೆ ತೋರಿಸಿದ್ದ ಪೆನ್‌ಡ್ರೈವ್ ಖಾಲಿಯಾಗಿರಲಿಲ್ಲ. ಅದರಲ್ಲಿ ಹಣ ವಸೂಲಿ ವಿಚಾರಕ್ಕೆ ಸಂಬಂಧಿಸಿದ ಮಹತ್ವದ ಮಾಹಿತಿಗಳು ದಾಖಲಾಗಿವೆ. ಅದರಲ್ಲಿ ಯಾರ್ಯಾರ ಹೆಸರುಗಳಿವೆ ಎಂಬುದೂ ಗೊತ್ತಿದ್ದು, ಅಗತ್ಯವಿದ್ದರೆ ಆ ಪೆನ್‌ಡ್ರೈವ್ ಈಗಲೂ ನೀಡುತ್ತೇನೆ ಎಂದು ಕೇಂದ್ರದ ಬೃಹತ್ ಕೈಗಾರಿಕೆ ಹಾಗೂ ಉಕ್ಕು ಖಾತೆ ಸಚಿವ ಎಚ್.ಡಿ. ಕುಮಾರಸ್ವಾಮಿ ಅವರು ಹೇಳಿದರು.
ಮಾವಿನಕೆರೆ ಬೆಟ್ಟದಲ್ಲಿ ದೇವರ ದರ್ಶನ ಪಡೆದು ವಿಶೇಷ ಪೂಜೆ ಸಲ್ಲಿಸಿದ ಬಳಿಕ ಸುದ್ದಿಗಾರರೊಂದಿಗೆ ಮಾತನಾಡಿದ ಅವರು, ಸರ್ಕಾರ ರಚನೆಯ ಆರಂಭದ ದಿನಗಳಲ್ಲೇ ಕೆಲವು ಘಟನೆಗಳು ನಡೆದಿದ್ದವು. ಆಗಲೇ ಪೆನ್‌ಡ್ರೈವ್ ನನ್ನ ಬಳಿ ಇತ್ತು. ಅದರ ಬಗ್ಗೆ ನಾನು ಎಲ್ಲರಿಗೂ ಮಾಹಿತಿ ನೀಡಿದ್ದೆ. ಅದನ್ನು ಯಾವಾಗ ಬಿಡುಗಡೆ ಮಾಡಬೇಕು
ಎಂಬ ಬಗ್ಗೆ ಕೆಲ ಅನುಭವಸ್ಥರು ಸಲಹೆ ನೀಡಿದ್ದರು. ಕಾಂಗ್ರೆಸ್‌ನ ಶಕ್ತಿಯನ್ನು ಯಾವ ರೀತಿಯಲ್ಲಿ ಎದುರಿಸಬೇಕು ಎಂಬುದನ್ನು ಗಮನದಲ್ಲಿಟ್ಟುಕೊಂಡು ಸೂಕ್ತ ಸಮಯಕ್ಕಾಗಿ ಕಾಯುತ್ತಿದ್ದೇನೆ ಎಂದರು.
ಪೆನ್‌ಡ್ರೈವ್‌ನಲ್ಲಿ ಇಬ್ಬರು ಎಂಜಿನಿಯರ್‌ಗಳ ನಡುವಿನ ಮಾತುಕತೆ ಇದೆ. ವರ್ಗಾವಣೆ ಹಾಗೂ ಬಡ್ತಿ ಪಡೆಯಲು ಹಣ ನೀಡಿರುವ ಬಗ್ಗೆ ಅವರು ಮಾತನಾಡಿರುವುದು ದಾಖಲಾಗಿದೆ. ಬಡ್ತಿಗೆ ಹಣ ತಂದು ಸಚಿವರಿಗೆ ನೀಡಿ ಬಡ್ತಿ ಪಡೆದಿರುವುದಾಗಿ ಒಬ್ಬರು ಹೇಳಿಕೊಂಡಿದ್ದಾರೆ. ಇನ್ನೊಬ್ಬರು ತಾವು ತಂದ ಹಣ ನೀಡಿ ಕೆಲಸ ಮಾಡಿಸಿಕೊಂಡಿರುವ ಬಗ್ಗೆ ಹೇಳುತ್ತಾರೆ. ಈ ವಿಚಾರವನ್ನು ನಾನು ಸುಮ್ಮನೆ ಹೇಳುತ್ತಿಲ್ಲ. ಸದ್ಯದಲ್ಲೇ ಎಲ್ಲವೂ ಹೊರಬರಲಿದೆ. ಹಣ ನೀಡಿ ಮುಂದೆ ಬರಲು ಎಂದು ಅವರು ಹೇಳಿದರು.
ನೀಟ್ ಪರೀಕ್ಷೆ ಪತ್ರಿಕೆ ಸೋರಿಕೆ ವಿಚಾರದಲ್ಲಿ ಕೇಂದ್ರ ಸಚಿವರ ರಾಜೀನಾಮೆ ಕೇಳಿದ್ದ ಕಾಂಗ್ರೆಸ್ ನಾಯಕರು, ರಾಜ್ಯದಲ್ಲಿ ಪ್ರತಿನಿತ್ಯ ನಡೆಯುತ್ತಿರುವ ಘಟನೆಗಳಿಗೆ ಯಾರ ರಾಜೀನಾಮೆ ಕೇಳುತ್ತಾರೆ? ಎಂದು ಪ್ರಶ್ನಿಸಿದರು.
ಮುಖ್ಯಮಂತ್ರಿ ಡಿ.ಕೆ. ಶಿವಕುಮಾರ್ ಅವರು ತಮ್ಮ ನಾಯಕ ರಾಹುಲ್ ಗಾಂಧಿ ಅವರನ್ನು ಕೇಳಿಕೊಂಡು ಬಂದ ನಂತರ ಇನ್ನಷ್ಟು ಬೇಗ ರಾಜೀನಾಮೆ ಪಡೆಯಬೇಕು ಎಂದು ಹೇಳಲಿ ಎಂದು ಅವರು ವ್ಯಂಗ್ಯವಾಡಿದರು.
